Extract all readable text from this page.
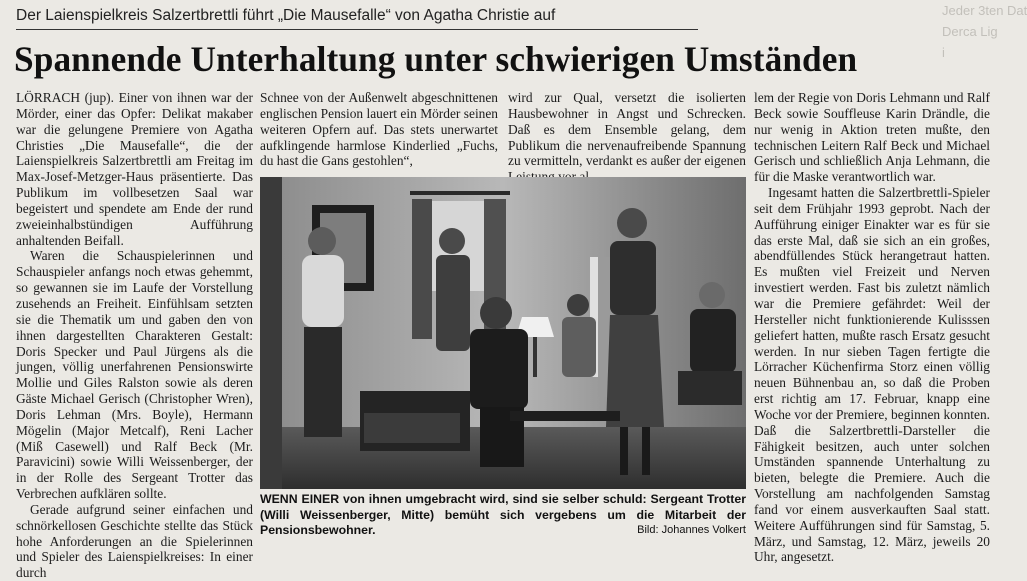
Der Laienspielkreis Salzertbrettli führt „Die Mausefalle“ von Agatha Christie auf
Spannende Unterhaltung unter schwierigen Umständen
Jeder 3ten Dat
Derca Lig
i

LÖRRACH (jup). Einer von ihnen war der Mörder, einer das Opfer: Delikat makaber war die gelungene Premiere von Agatha Christies „Die Mausefalle“, die der Laienspielkreis Salzertbrettli am Freitag im Max-Josef-Metzger-Haus präsentierte. Das Publikum im vollbesetzen Saal war begeistert und spendete am Ende der rund zweieinhalbstündigen Aufführung anhaltenden Beifall.

Waren die Schauspielerinnen und Schauspieler anfangs noch etwas gehemmt, so gewannen sie im Laufe der Vorstellung zusehends an Freiheit. Einfühlsam setzten sie die Thematik um und gaben den von ihnen dargestellten Charakteren Gestalt: Doris Specker und Paul Jürgens als die jungen, völlig unerfahrenen Pensionswirte Mollie und Giles Ralston sowie als deren Gäste Michael Gerisch (Christopher Wren), Doris Lehman (Mrs. Boyle), Hermann Mögelin (Major Metcalf), Reni Lacher (Miß Casewell) und Ralf Beck (Mr. Paravicini) sowie Willi Weissenberger, der in der Rolle des Sergeant Trotter das Verbrechen aufklären sollte.

Gerade aufgrund seiner einfachen und schnörkellosen Geschichte stellte das Stück hohe Anforderungen an die Spielerinnen und Spieler des Laienspielkreises: In einer durch

Schnee von der Außenwelt abgeschnittenen englischen Pension lauert ein Mörder seinen weiteren Opfern auf. Das stets unerwartet aufklingende harmlose Kinderlied „Fuchs, du hast die Gans gestohlen“,

wird zur Qual, versetzt die isolierten Hausbewohner in Angst und Schrecken. Daß es dem Ensemble gelang, dem Publikum die nervenaufreibende Spannung zu vermitteln, verdankt es außer der eigenen

WENN EINER von ihnen umgebracht wird, sind sie selber schuld: Sergeant Trotter (Willi Weissenberger, Mitte) bemüht sich vergebens um die Mitarbeit der Pensionsbewohner.	Bild: Johannes Volkert

lem der Regie von Doris Lehmann und Ralf Beck sowie Souffleuse Karin Drändle, die nur wenig in Aktion treten mußte, den technischen Leitern Ralf Beck und Michael Gerisch und schließlich Anja Lehmann, die für die Maske verantwortlich war.

Ingesamt hatten die Salzertbrettli-Spieler seit dem Frühjahr 1993 geprobt. Nach der Aufführung einiger Einakter war es für sie das erste Mal, daß sie sich an ein großes, abendfüllendes Stück herangetraut hatten. Es mußten viel Freizeit und Nerven investiert werden. Fast bis zuletzt nämlich war die Premiere gefährdet: Weil der Hersteller nicht funktionierende Kulisssen geliefert hatten, mußte rasch Ersatz gesucht werden. In nur sieben Tagen fertigte die Lörracher Küchenfirma Storz einen völlig neuen Bühnenbau an, so daß die Proben erst richtig am 17. Februar, knapp eine Woche vor der Premiere, beginnen konnten. Daß die Salzertbrettli-Darsteller die Fähigkeit besitzen, auch unter solchen Umständen spannende Unterhaltung zu bieten, belegte die Premiere. Auch die Vorstellung am nachfolgenden Samstag fand vor einem ausverkauften Saal statt. Weitere Aufführungen sind für Samstag, 5. März, und Samstag, 12. März, jeweils 20 Uhr, angesetzt.
